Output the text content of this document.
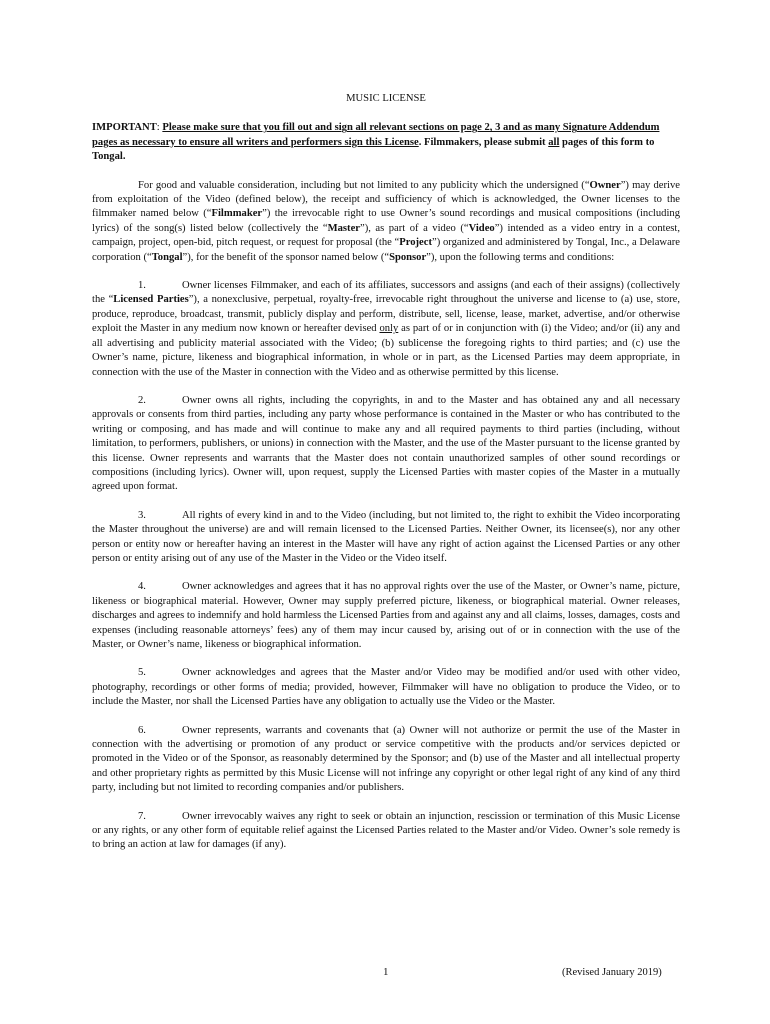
MUSIC LICENSE

IMPORTANT: Please make sure that you fill out and sign all relevant sections on page 2, 3 and as many Signature Addendum pages as necessary to ensure all writers and performers sign this License. Filmmakers, please submit all pages of this form to Tongal.

For good and valuable consideration, including but not limited to any publicity which the undersigned (“Owner”) may derive from exploitation of the Video (defined below), the receipt and sufficiency of which is acknowledged, the Owner licenses to the filmmaker named below (“Filmmaker”) the irrevocable right to use Owner’s sound recordings and musical compositions (including lyrics) of the song(s) listed below (collectively the “Master”), as part of a video (“Video”) intended as a video entry in a contest, campaign, project, open-bid, pitch request, or request for proposal (the “Project”) organized and administered by Tongal, Inc., a Delaware corporation (“Tongal”), for the benefit of the sponsor named below (“Sponsor”), upon the following terms and conditions:

1.	Owner licenses Filmmaker, and each of its affiliates, successors and assigns (and each of their assigns) (collectively the “Licensed Parties”), a nonexclusive, perpetual, royalty-free, irrevocable right throughout the universe and license to (a) use, store, produce, reproduce, broadcast, transmit, publicly display and perform, distribute, sell, license, lease, market, advertise, and/or otherwise exploit the Master in any medium now known or hereafter devised only as part of or in conjunction with (i) the Video; and/or (ii) any and all advertising and publicity material associated with the Video; (b) sublicense the foregoing rights to third parties; and (c) use the Owner’s name, picture, likeness and biographical information, in whole or in part, as the Licensed Parties may deem appropriate, in connection with the use of the Master in connection with the Video and as otherwise permitted by this license.

2.	Owner owns all rights, including the copyrights, in and to the Master and has obtained any and all necessary approvals or consents from third parties, including any party whose performance is contained in the Master or who has contributed to the writing or composing, and has made and will continue to make any and all required payments to third parties (including, without limitation, to performers, publishers, or unions) in connection with the Master, and the use of the Master pursuant to the license granted by this license. Owner represents and warrants that the Master does not contain unauthorized samples of other sound recordings or compositions (including lyrics). Owner will, upon request, supply the Licensed Parties with master copies of the Master in a mutually agreed upon format.

3.	All rights of every kind in and to the Video (including, but not limited to, the right to exhibit the Video incorporating the Master throughout the universe) are and will remain licensed to the Licensed Parties. Neither Owner, its licensee(s), nor any other person or entity now or hereafter having an interest in the Master will have any right of action against the Licensed Parties or any other person or entity arising out of any use of the Master in the Video or the Video itself.

4.	Owner acknowledges and agrees that it has no approval rights over the use of the Master, or Owner’s name, picture, likeness or biographical material. However, Owner may supply preferred picture, likeness, or biographical material. Owner releases, discharges and agrees to indemnify and hold harmless the Licensed Parties from and against any and all claims, losses, damages, costs and expenses (including reasonable attorneys’ fees) any of them may incur caused by, arising out of or in connection with the use of the Master, or Owner’s name, likeness or biographical information.

5.	Owner acknowledges and agrees that the Master and/or Video may be modified and/or used with other video, photography, recordings or other forms of media; provided, however, Filmmaker will have no obligation to produce the Video, or to include the Master, nor shall the Licensed Parties have any obligation to actually use the Video or the Master.

6.	Owner represents, warrants and covenants that (a) Owner will not authorize or permit the use of the Master in connection with the advertising or promotion of any product or service competitive with the products and/or services depicted or promoted in the Video or of the Sponsor, as reasonably determined by the Sponsor; and (b) use of the Master and all intellectual property and other proprietary rights as permitted by this Music License will not infringe any copyright or other legal right of any kind of any third party, including but not limited to recording companies and/or publishers.

7.	Owner irrevocably waives any right to seek or obtain an injunction, rescission or termination of this Music License or any rights, or any other form of equitable relief against the Licensed Parties related to the Master and/or Video. Owner’s sole remedy is to bring an action at law for damages (if any).

1	(Revised January 2019)
